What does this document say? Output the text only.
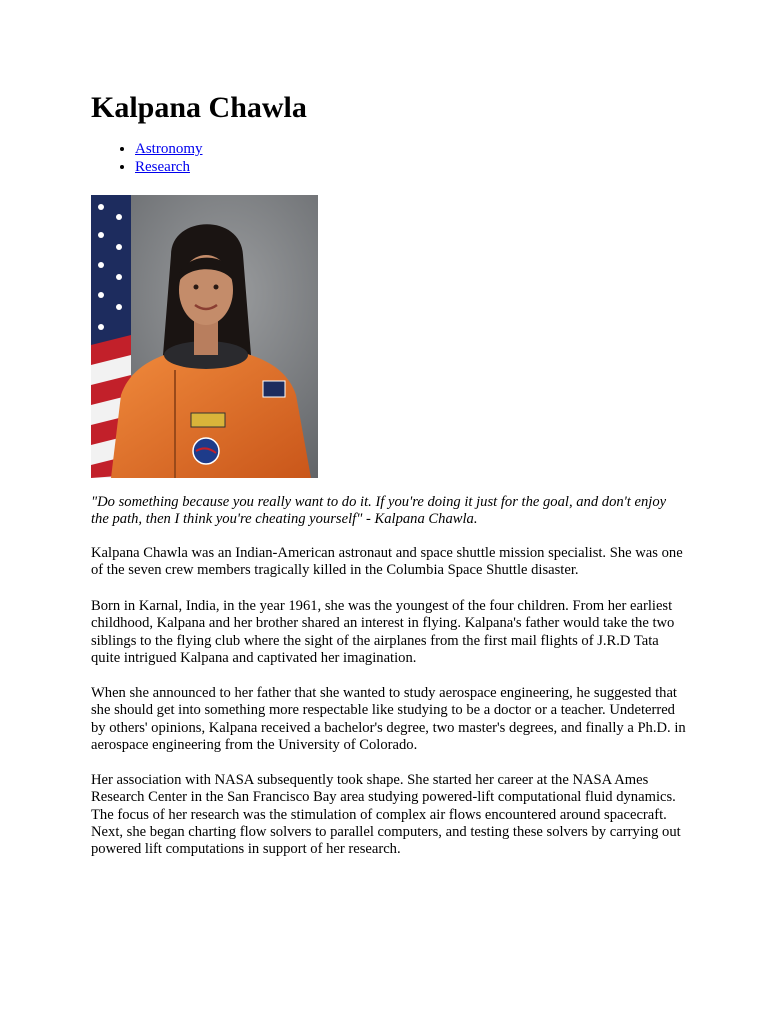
Kalpana Chawla
• Astronomy
• Research

"Do something because you really want to do it. If you're doing it just for the goal, and don't enjoy the path, then I think you're cheating yourself" - Kalpana Chawla.

Kalpana Chawla was an Indian-American astronaut and space shuttle mission specialist. She was one of the seven crew members tragically killed in the Columbia Space Shuttle disaster.

Born in Karnal, India, in the year 1961, she was the youngest of the four children. From her earliest childhood, Kalpana and her brother shared an interest in flying. Kalpana's father would take the two siblings to the flying club where the sight of the airplanes from the first mail flights of J.R.D Tata quite intrigued Kalpana and captivated her imagination.

When she announced to her father that she wanted to study aerospace engineering, he suggested that she should get into something more respectable like studying to be a doctor or a teacher. Undeterred by others' opinions, Kalpana received a bachelor's degree, two master's degrees, and finally a Ph.D. in aerospace engineering from the University of Colorado.

Her association with NASA subsequently took shape. She started her career at the NASA Ames Research Center in the San Francisco Bay area studying powered-lift computational fluid dynamics. The focus of her research was the stimulation of complex air flows encountered around spacecraft. Next, she began charting flow solvers to parallel computers, and testing these solvers by carrying out powered lift computations in support of her research.
